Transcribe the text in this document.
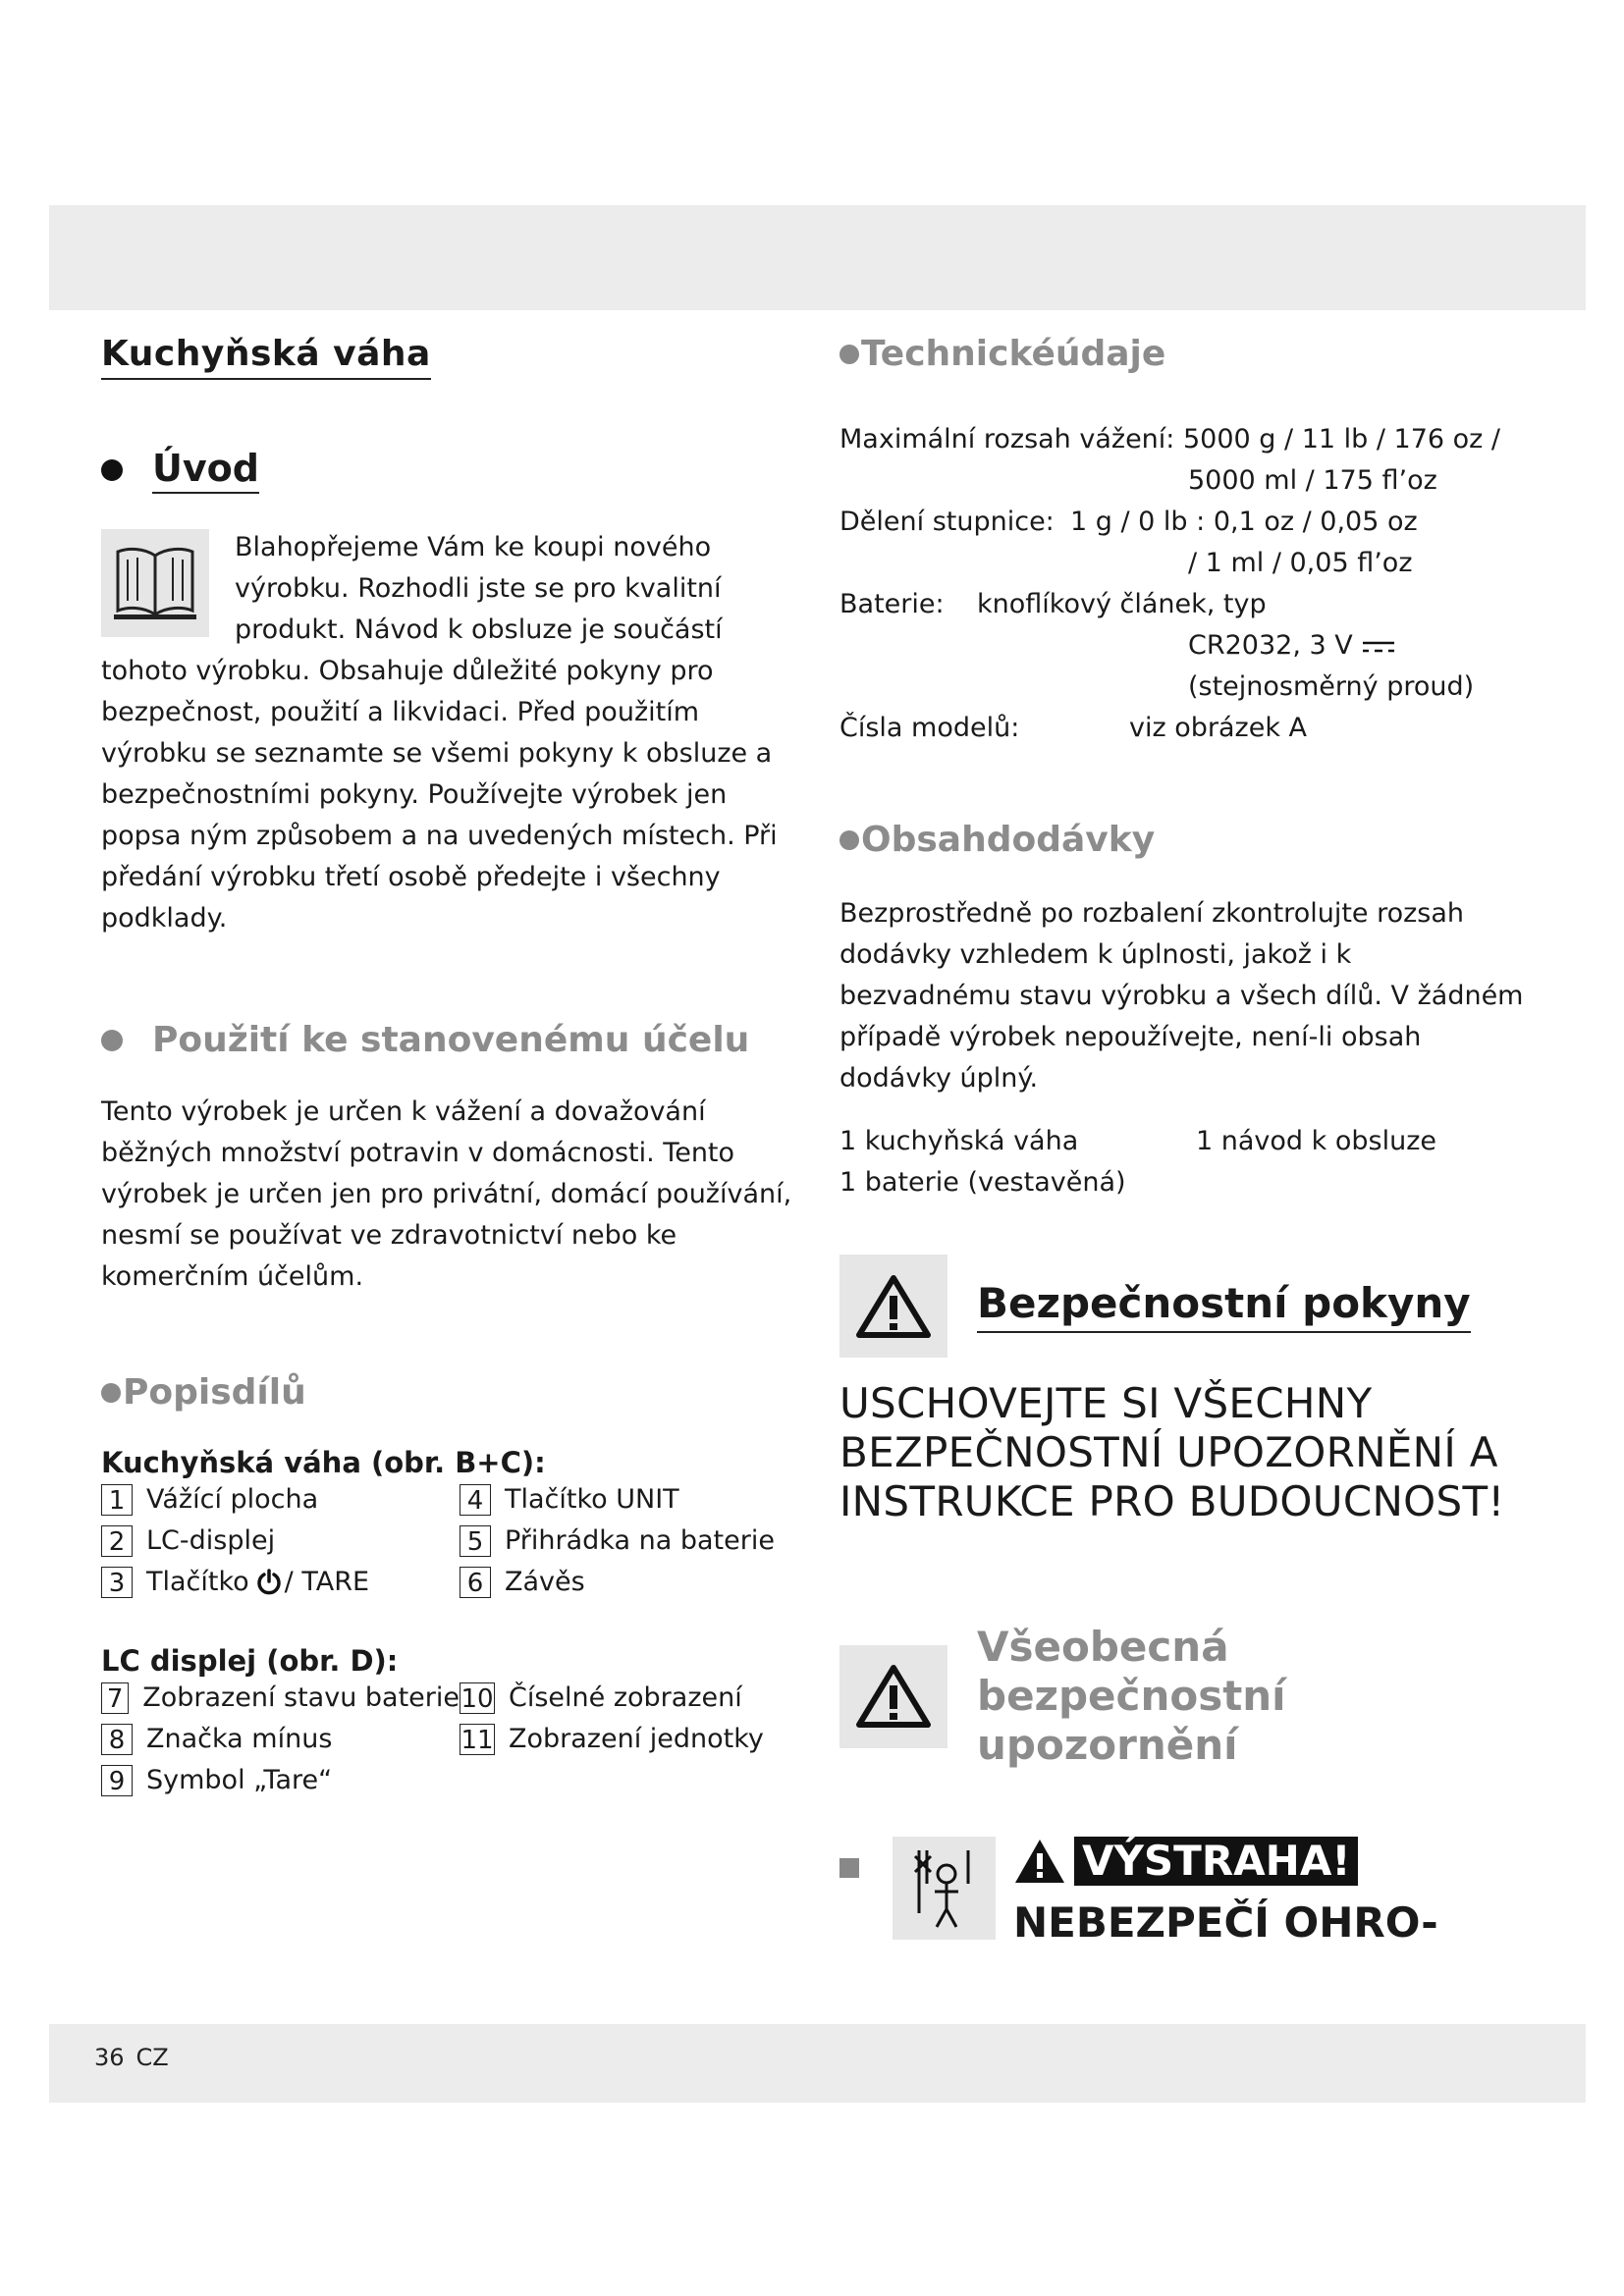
Kuchyňská váha
Úvod

Blahopřejeme Vám ke koupi nového výrobku. Rozhodli jste se pro kvalitní produkt. Návod k obsluze je součástí tohoto výrobku. Obsahuje důležité pokyny pro bezpečnost, použití a likvidaci. Před použitím výrobku se seznamte se všemi pokyny k obsluze a bezpečnostními pokyny. Používejte výrobek jen popsa ným způsobem a na uvedených místech. Při předání výrobku třetí osobě předejte i všechny podklady.

Použití ke stanovenému účelu

Tento výrobek je určen k vážení a dovažování běžných množství potravin v domácnosti. Tento výrobek je určen jen pro privátní, domácí používání, nesmí se používat ve zdravotnictví nebo ke komerčním účelům.

Popisdílů
Kuchyňská váha (obr. B+C):
1 Vážící plocha	4 Tlačítko UNIT
2 LC-displej	5 Přihrádka na baterie
3 Tlačítko / TARE	6 Závěs
LC displej (obr. D):
7 Zobrazení stavu baterie 10 Číselné zobrazení
8 Značka mínus	11 Zobrazení jednotky
9 Symbol „Tare“
Technickéúdaje
Maximální rozsah vážení: 5000 g / 11 lb / 176 oz /
5000 ml / 175 fl’oz
Dělení stupnice: 1 g / 0 lb : 0,1 oz / 0,05 oz
/ 1 ml / 0,05 fl’oz
Baterie: knoflíkový článek, typ
CR2032, 3 V
(stejnosměrný proud)
Čísla modelů:	viz obrázek A
Obsahdodávky

Bezprostředně po rozbalení zkontrolujte rozsah dodávky vzhledem k úplnosti, jakož i k bezvadnému stavu výrobku a všech dílů. V žádném případě výrobek nepoužívejte, není-li obsah dodávky úplný.

1 kuchyňská váha	1 návod k obsluze
1 baterie (vestavěná)
Bezpečnostní pokyny
USCHOVEJTE SI VŠECHNY BEZPEČNOSTNÍ UPOZORNĚNÍ A INSTRUKCE PRO BUDOUCNOST!
Všeobecná bezpečnostní upozornění
VÝSTRAHA!
NEBEZPEČÍ OHRO-
36 CZ
